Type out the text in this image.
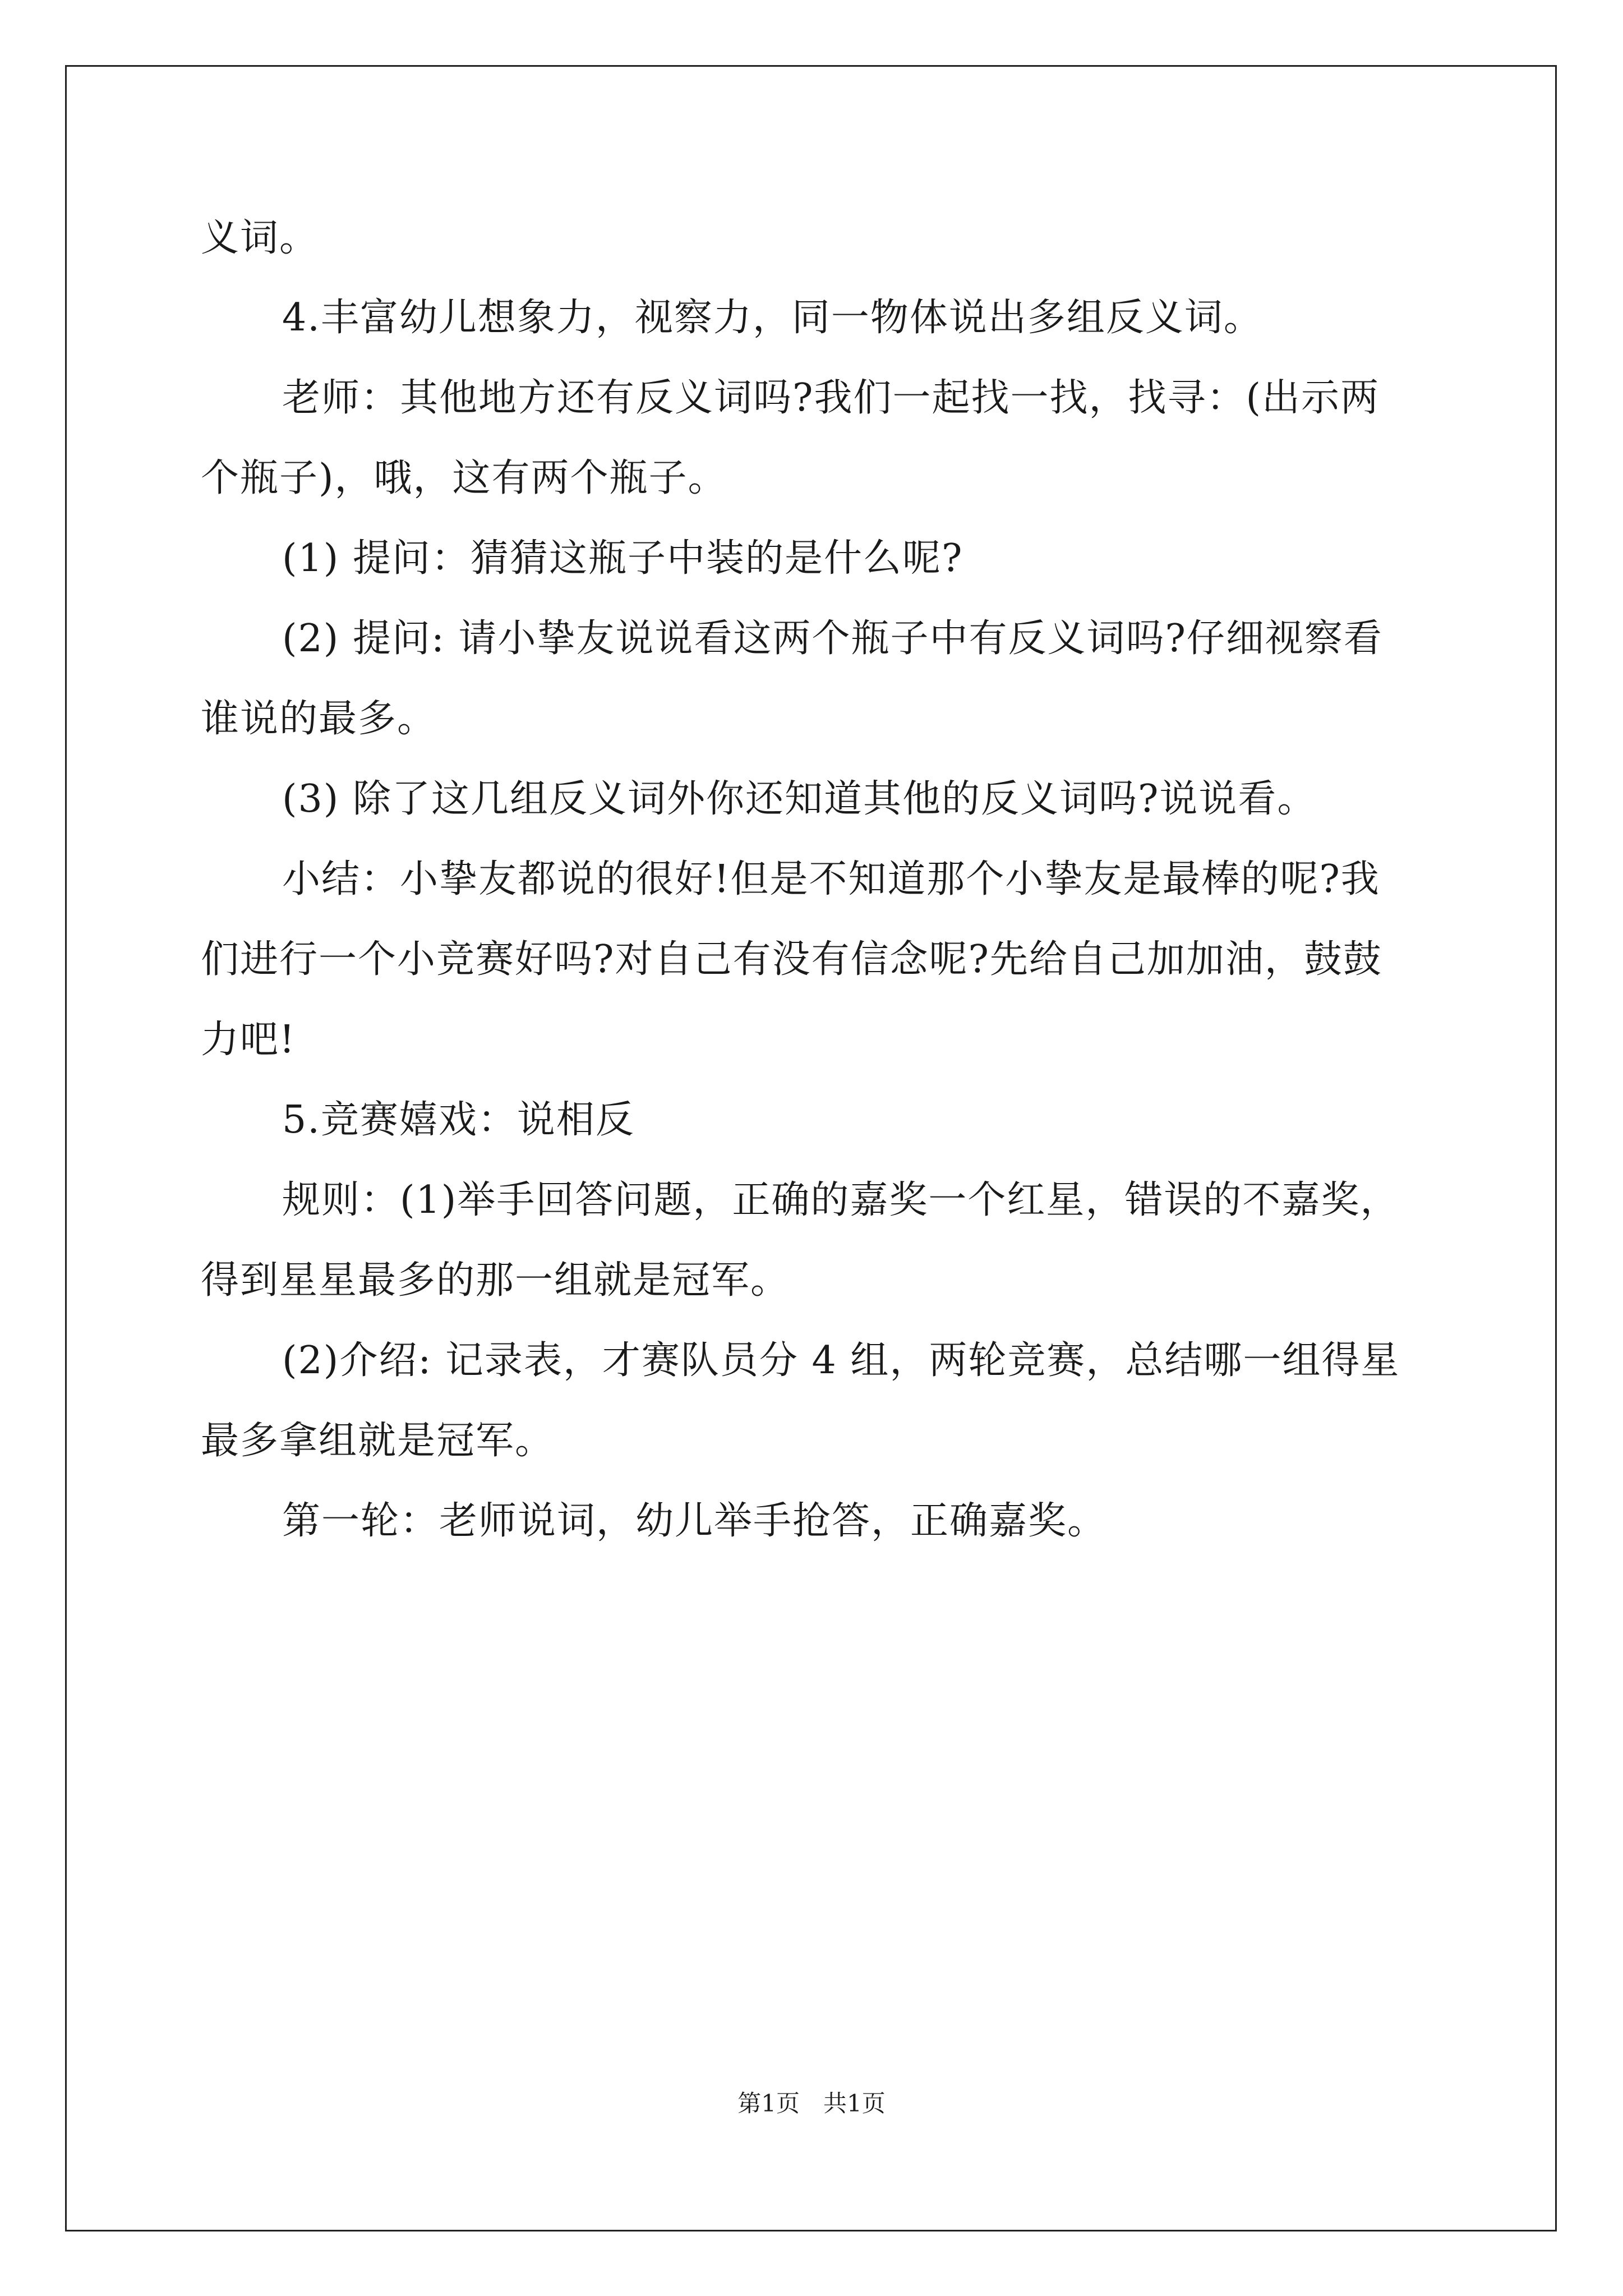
义词。
4.丰富幼儿想象力，视察力，同一物体说出多组反义词。
老师：其他地方还有反义词吗?我们一起找一找，找寻：(出示两
个瓶子)，哦，这有两个瓶子。
(1) 提问：猜猜这瓶子中装的是什么呢?
(2) 提问: 请小挚友说说看这两个瓶子中有反义词吗?仔细视察看
谁说的最多。
(3) 除了这几组反义词外你还知道其他的反义词吗?说说看。
小结：小挚友都说的很好!但是不知道那个小挚友是最棒的呢?我
们进行一个小竞赛好吗?对自己有没有信念呢?先给自己加加油，鼓鼓
力吧!
5.竞赛嬉戏：说相反
规则：(1)举手回答问题，正确的嘉奖一个红星，错误的不嘉奖，
得到星星最多的那一组就是冠军。
(2)介绍: 记录表，才赛队员分 4 组，两轮竞赛，总结哪一组得星
最多拿组就是冠军。
第一轮：老师说词，幼儿举手抢答，正确嘉奖。
第1页　共1页
